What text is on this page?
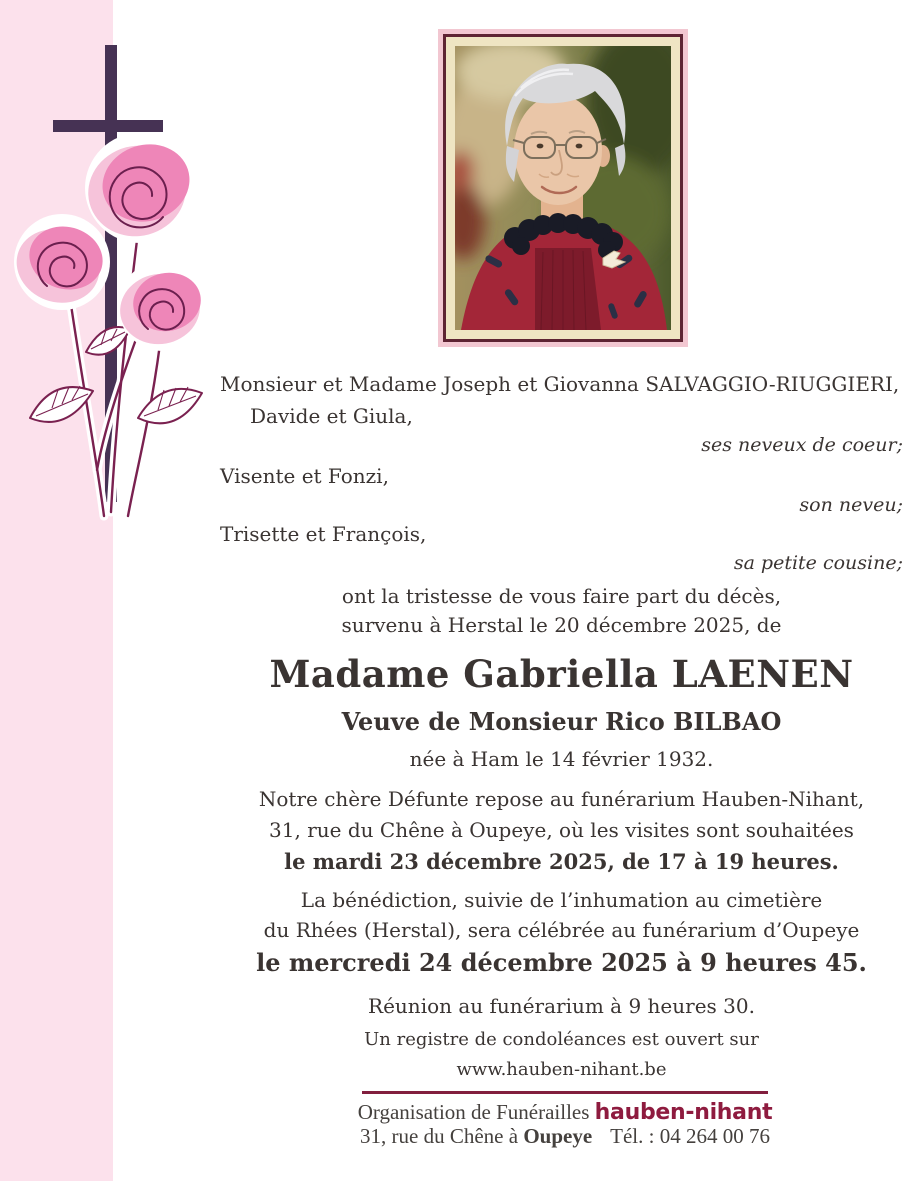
Monsieur et Madame Joseph et Giovanna SALVAGGIO-RIUGGIERI,
Davide et Giula,
ses neveux de coeur;
Visente et Fonzi,
son neveu;
Trisette et François,
sa petite cousine;
ont la tristesse de vous faire part du décès,
survenu à Herstal le 20 décembre 2025, de
Madame Gabriella LAENEN
Veuve de Monsieur Rico BILBAO
née à Ham le 14 février 1932.
Notre chère Défunte repose au funérarium Hauben-Nihant,
31, rue du Chêne à Oupeye, où les visites sont souhaitées
le mardi 23 décembre 2025, de 17 à 19 heures.
La bénédiction, suivie de l’inhumation au cimetière
du Rhées (Herstal), sera célébrée au funérarium d’Oupeye
le mercredi 24 décembre 2025 à 9 heures 45.
Réunion au funérarium à 9 heures 30.
Un registre de condoléances est ouvert sur
www.hauben-nihant.be
Organisation de Funérailles hauben-nihant
31, rue du Chêne à Oupeye Tél. : 04 264 00 76
